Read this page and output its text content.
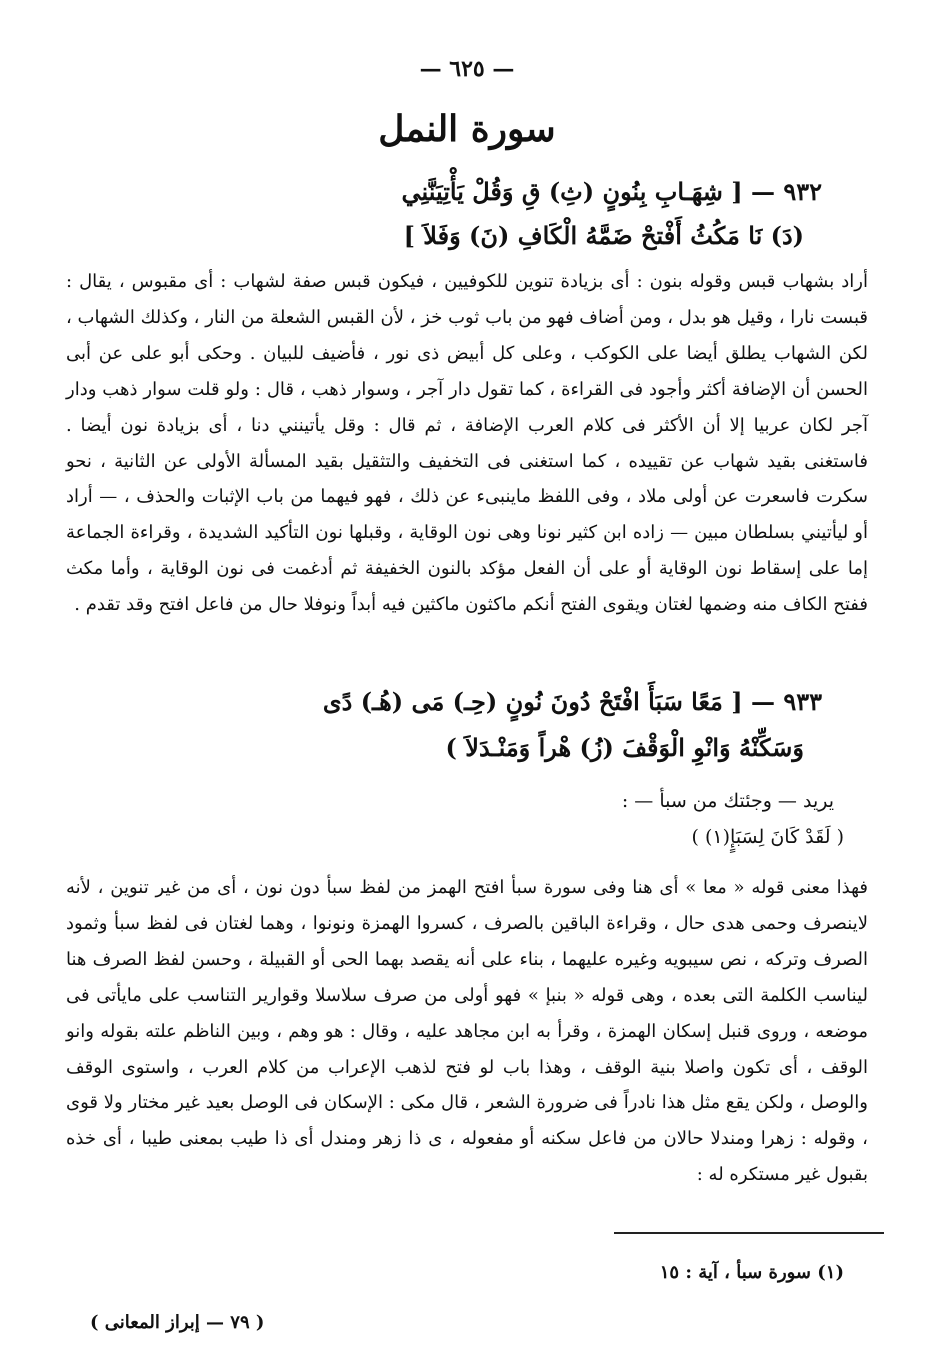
— ٦٢٥ —
سورة النمل
٩٣٢ — [ شِهَـابِ بِنُونٍ (ثِ) قِ وَقُلْ يَأْتِيَنَّنِي
(دَ) نَا مَكُثُ أَفْتحْ ضَمَّهُ الْكَافِ (نَ) وَفَلاَ ]
أراد بشهاب قبس وقوله بنون : أى بزيادة تنوين للكوفيين ، فيكون قبس صفة لشهاب : أى مقبوس ، يقال : قبست نارا ، وقيل هو بدل ، ومن أضاف فهو من باب ثوب خز ، لأن القبس الشعلة من النار ، وكذلك الشهاب ، لكن الشهاب يطلق أيضا على الكوكب ، وعلى كل أبيض ذى نور ، فأضيف للبيان . وحكى أبو على عن أبى الحسن أن الإضافة أكثر وأجود فى القراءة ، كما تقول دار آجر ، وسوار ذهب ، قال : ولو قلت سوار ذهب ودار آجر لكان عربيا إلا أن الأكثر فى كلام العرب الإضافة ، ثم قال : وقل يأتينني دنا ، أى بزيادة نون أيضا . فاستغنى بقيد شهاب عن تقييده ، كما استغنى فى التخفيف والتثقيل بقيد المسألة الأولى عن الثانية ، نحو سكرت فاسعرت عن أولى ملاد ، وفى اللفظ ماينبىء عن ذلك ، فهو فيهما من باب الإثبات والحذف ، — أراد أو ليأتيني بسلطان مبين — زاده ابن كثير نونا وهى نون الوقاية ، وقبلها نون التأكيد الشديدة ، وقراءة الجماعة إما على إسقاط نون الوقاية أو على أن الفعل مؤكد بالنون الخفيفة ثم أدغمت فى نون الوقاية ، وأما مكث ففتح الكاف منه وضمها لغتان ويقوى الفتح أنكم ماكثون ماكثين فيه أبداً ونوفلا حال من فاعل افتح وقد تقدم .
٩٣٣ — [ مَعًا سَبَأَ افْتَحْ دُونَ نُونٍ (حِـ) مَى (هُـ) دًى
وَسَكِّنْهُ وَانْوِ الْوَقْفَ (زُ) هْراً وَمَنْـدَلاَ )
يريد — وجئتك من سبأ — :
( لَقَدْ كَانَ لِسَبَإٍ(١) )
فهذا معنى قوله « معا » أى هنا وفى سورة سبأ افتح الهمز من لفظ سبأ دون نون ، أى من غير تنوين ، لأنه لاينصرف وحمى هدى حال ، وقراءة الباقين بالصرف ، كسروا الهمزة ونونوا ، وهما لغتان فى لفظ سبأ وثمود الصرف وتركه ، نص سيبويه وغيره عليهما ، بناء على أنه يقصد بهما الحى أو القبيلة ، وحسن لفظ الصرف هنا ليناسب الكلمة التى بعده ، وهى قوله « بنبإ » فهو أولى من صرف سلاسلا وقوارير التناسب على مايأتى فى موضعه ، وروى قنبل إسكان الهمزة ، وقرأ به ابن مجاهد عليه ، وقال : هو وهم ، وبين الناظم علته بقوله وانو الوقف ، أى تكون واصلا بنية الوقف ، وهذا باب لو فتح لذهب الإعراب من كلام العرب ، واستوى الوقف والوصل ، ولكن يقع مثل هذا نادراً فى ضرورة الشعر ، قال مكى : الإسكان فى الوصل بعيد غير مختار ولا قوى ، وقوله : زهرا ومندلا حالان من فاعل سكنه أو مفعوله ، ى ذا زهر ومندل أى ذا طيب بمعنى طيبا ، أى خذه بقبول غير مستكره له :
(١) سورة سبأ ، آية : ١٥
( ٧٩ — إبراز المعانى )
